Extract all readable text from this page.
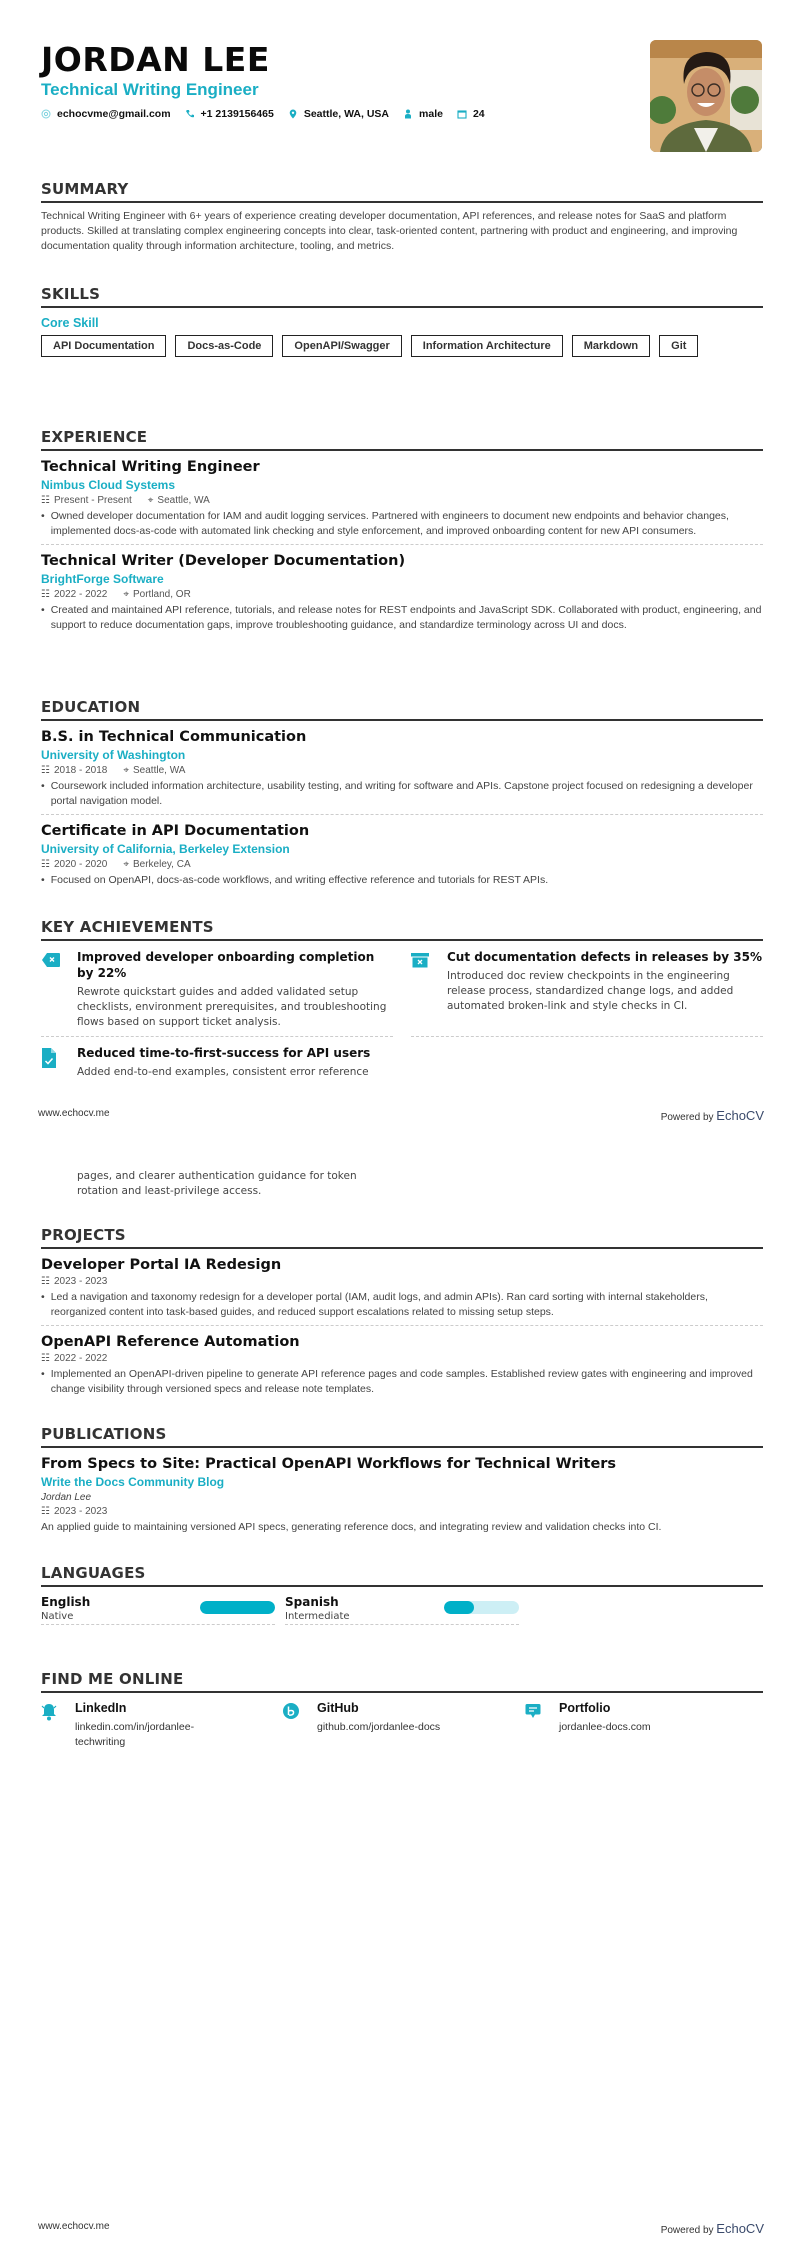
JORDAN LEE
Technical Writing Engineer
echocvme@gmail.com	+1 2139156465	Seattle, WA, USA	male	24
SUMMARY
Technical Writing Engineer with 6+ years of experience creating developer documentation, API references, and release notes for SaaS and platform products. Skilled at translating complex engineering concepts into clear, task-oriented content, partnering with product and engineering, and improving documentation quality through information architecture, tooling, and metrics.
SKILLS
Core Skill
API Documentation	Docs-as-Code	OpenAPI/Swagger	Information Architecture	Markdown	Git
EXPERIENCE
Technical Writing Engineer
Nimbus Cloud Systems
☷ Present - Present ⌖ Seattle, WA
• Owned developer documentation for IAM and audit logging services. Partnered with engineers to document new endpoints and behavior changes, implemented docs-as-code with automated link checking and style enforcement, and improved onboarding content for new API consumers.
Technical Writer (Developer Documentation)
BrightForge Software
☷ 2022 - 2022 ⌖ Portland, OR
• Created and maintained API reference, tutorials, and release notes for REST endpoints and JavaScript SDK. Collaborated with product, engineering, and support to reduce documentation gaps, improve troubleshooting guidance, and standardize terminology across UI and docs.
EDUCATION
B.S. in Technical Communication
University of Washington
☷ 2018 - 2018 ⌖ Seattle, WA
• Coursework included information architecture, usability testing, and writing for software and APIs. Capstone project focused on redesigning a developer portal navigation model.
Certificate in API Documentation
University of California, Berkeley Extension
☷ 2020 - 2020 ⌖ Berkeley, CA
• Focused on OpenAPI, docs-as-code workflows, and writing effective reference and tutorials for REST APIs.
KEY ACHIEVEMENTS
Improved developer onboarding completion by 22%
Rewrote quickstart guides and added validated setup checklists, environment prerequisites, and troubleshooting flows based on support ticket analysis.
Cut documentation defects in releases by 35%
Introduced doc review checkpoints in the engineering release process, standardized change logs, and added automated broken-link and style checks in CI.
Reduced time-to-first-success for API users
Added end-to-end examples, consistent error reference
www.echocv.me	Powered by EchoCV
pages, and clearer authentication guidance for token rotation and least-privilege access.
PROJECTS
Developer Portal IA Redesign
☷ 2023 - 2023
• Led a navigation and taxonomy redesign for a developer portal (IAM, audit logs, and admin APIs). Ran card sorting with internal stakeholders, reorganized content into task-based guides, and reduced support escalations related to missing setup steps.
OpenAPI Reference Automation
☷ 2022 - 2022
• Implemented an OpenAPI-driven pipeline to generate API reference pages and code samples. Established review gates with engineering and improved change visibility through versioned specs and release note templates.
PUBLICATIONS
From Specs to Site: Practical OpenAPI Workflows for Technical Writers
Write the Docs Community Blog
Jordan Lee
☷ 2023 - 2023
An applied guide to maintaining versioned API specs, generating reference docs, and integrating review and validation checks into CI.
LANGUAGES
English
Native
Spanish
Intermediate
FIND ME ONLINE
LinkedIn
linkedin.com/in/jordanlee-techwriting
GitHub
github.com/jordanlee-docs
Portfolio
jordanlee-docs.com
www.echocv.me	Powered by EchoCV
